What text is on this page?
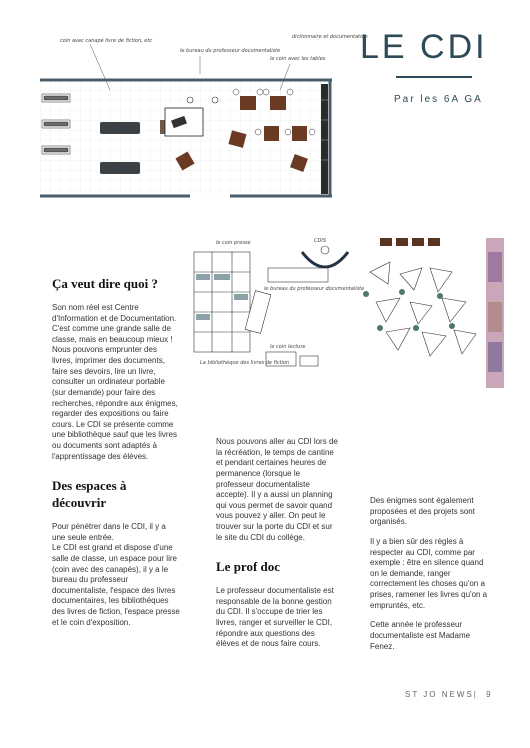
LE CDI
Par les 6A GA
coin avec canapé livre de fiction, etc
le bureau du professeur documentaliste
le coin avec les tables
dictionnaire et documentation
CDIS
le coin presse
le bureau du professeur documentaliste
le coin lecture
La bibliothèque des livres de fiction
Ça veut dire quoi ?

Son nom réel est Centre d'Information et de Documentation. C'est comme une grande salle de classe, mais en beaucoup mieux !

Nous pouvons emprunter des livres, imprimer des documents, faire ses devoirs, lire un livre, consulter un ordinateur portable (sur demande) pour faire des recherches, répondre aux énigmes, regarder des expositions ou faire cours. Le CDI se présente comme une bibliothèque sauf que les livres ou documents sont adaptés à l'apprentissage des élèves.

Des espaces à découvrir

Pour pénétrer dans le CDI, il y a une seule entrée.

Le CDI est grand et dispose d'une salle de classe, un espace pour lire (coin avec des canapés), il y a le bureau du professeur documentaliste, l'espace des livres documentaires, les bibliothèques des livres de fiction, l'espace presse et le coin d'exposition.

Nous pouvons aller au CDI lors de la récréation, le temps de cantine et pendant certaines heures de permanence (lorsque le professeur documentaliste accepte). Il y a aussi un planning qui vous permet de savoir quand vous pouvez y aller. On peut le trouver sur la porte du CDI et sur le site du CDI du collège.

Le prof doc

Le professeur documentaliste est responsable de la bonne gestion du CDI. Il s'occupe de trier les livres, ranger et surveiller le CDI, répondre aux questions des élèves et de nous faire cours.

Des énigmes sont également proposées et des projets sont organisés.

Il y a bien sûr des règles à respecter au CDI, comme par exemple : être en silence quand on le demande, ranger correctement les choses qu'on a prises, ramener les livres qu'on a empruntés, etc.

Cette année le professeur documentaliste est Madame Fenez.

ST JO NEWS| 9
